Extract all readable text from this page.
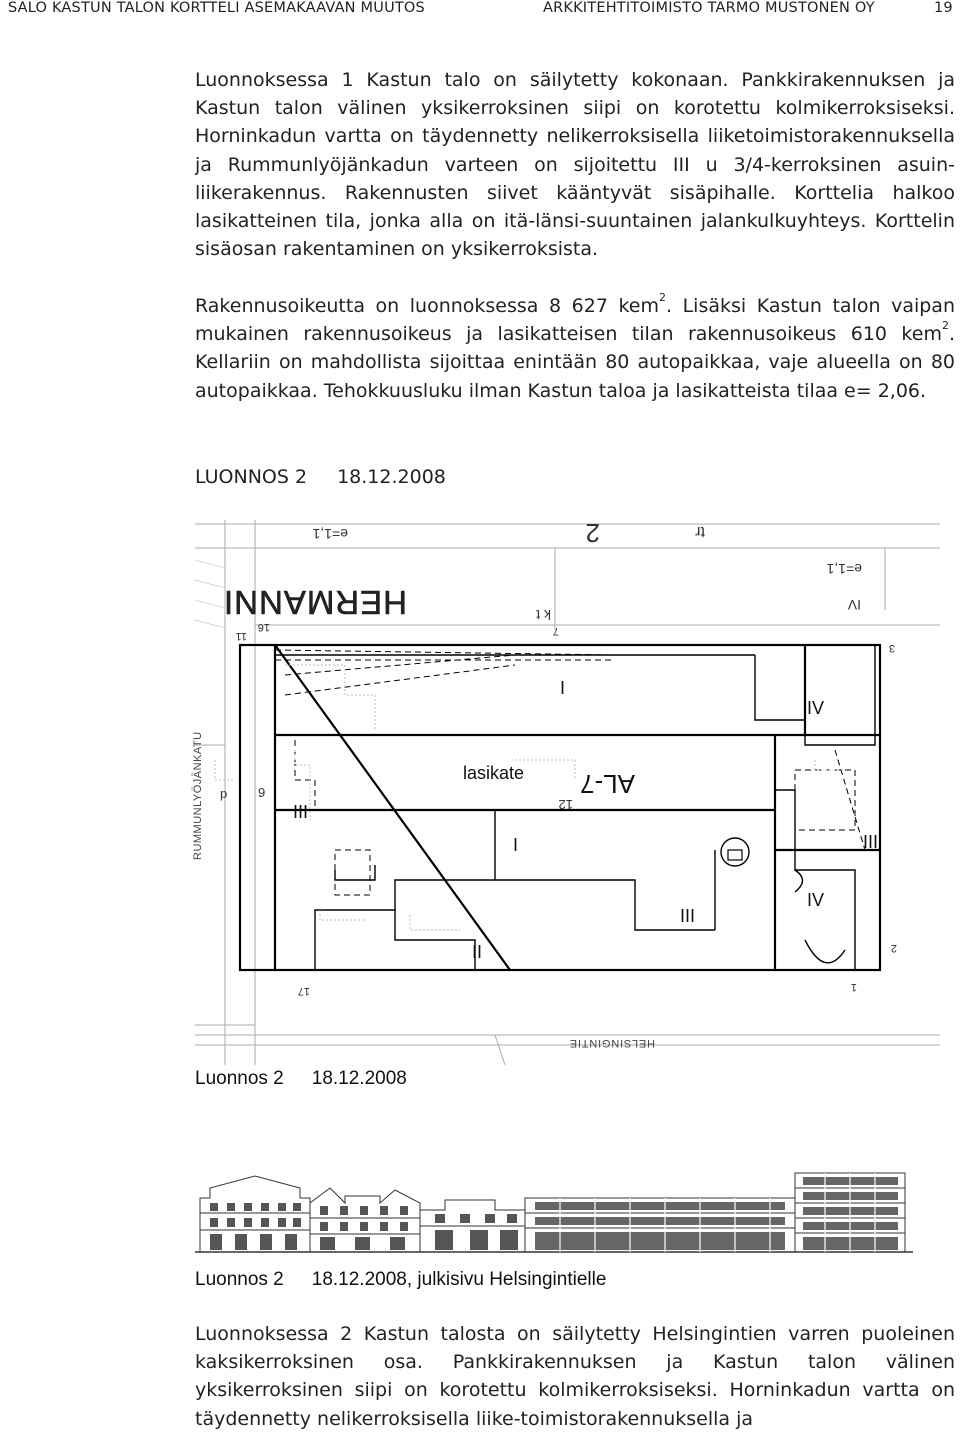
SALO KASTUN TALON KORTTELI ASEMAKAAVAN MUUTOS	ARKKITEHTITOIMISTO TARMO MUSTONEN OY	19

Luonnoksessa 1 Kastun talo on säilytetty kokonaan. Pankkirakennuksen ja Kastun talon välinen yksikerroksinen siipi on korotettu kolmikerroksiseksi. Horninkadun vartta on täydennetty nelikerroksisella liiketoimistorakennuksella ja Rummunlyöjänkadun varteen on sijoitettu III u 3/4-kerroksinen asuin-liikerakennus. Rakennusten siivet kääntyvät sisäpihalle. Korttelia halkoo lasikatteinen tila, jonka alla on itä-länsi-suuntainen jalankulkuyhteys. Korttelin sisäosan rakentaminen on yksikerroksista.

Rakennusoikeutta on luonnoksessa 8 627 kem$^2$. Lisäksi Kastun talon vaipan mukainen rakennusoikeus ja lasikatteisen tilan rakennusoikeus 610 kem$^2$. Kellariin on mahdollista sijoittaa enintään 80 autopaikkaa, vaje alueella on 80 autopaikkaa. Tehokkuusluku ilman Kastun taloa ja lasikatteista tilaa e= 2,06.

LUONNOS 2 18.12.2008
HERMANNI
RUMMUNLYÖJÄNKATU
HELSINGINTIE
lasikate AL-7
I
IV
III
I	III
IV
III
II
e=1,1	2	tr
e=1,1
IV
k t
7
16
11
3
9
p
12
2
17	1
Luonnos 2 18.12.2008
Luonnos 2 18.12.2008, julkisivu Helsingintielle

Luonnoksessa 2 Kastun talosta on säilytetty Helsingintien varren puoleinen kaksikerroksinen osa. Pankkirakennuksen ja Kastun talon välinen yksikerroksinen siipi on korotettu kolmikerroksiseksi. Horninkadun vartta on täydennetty nelikerroksisella liike-toimistorakennuksella ja
